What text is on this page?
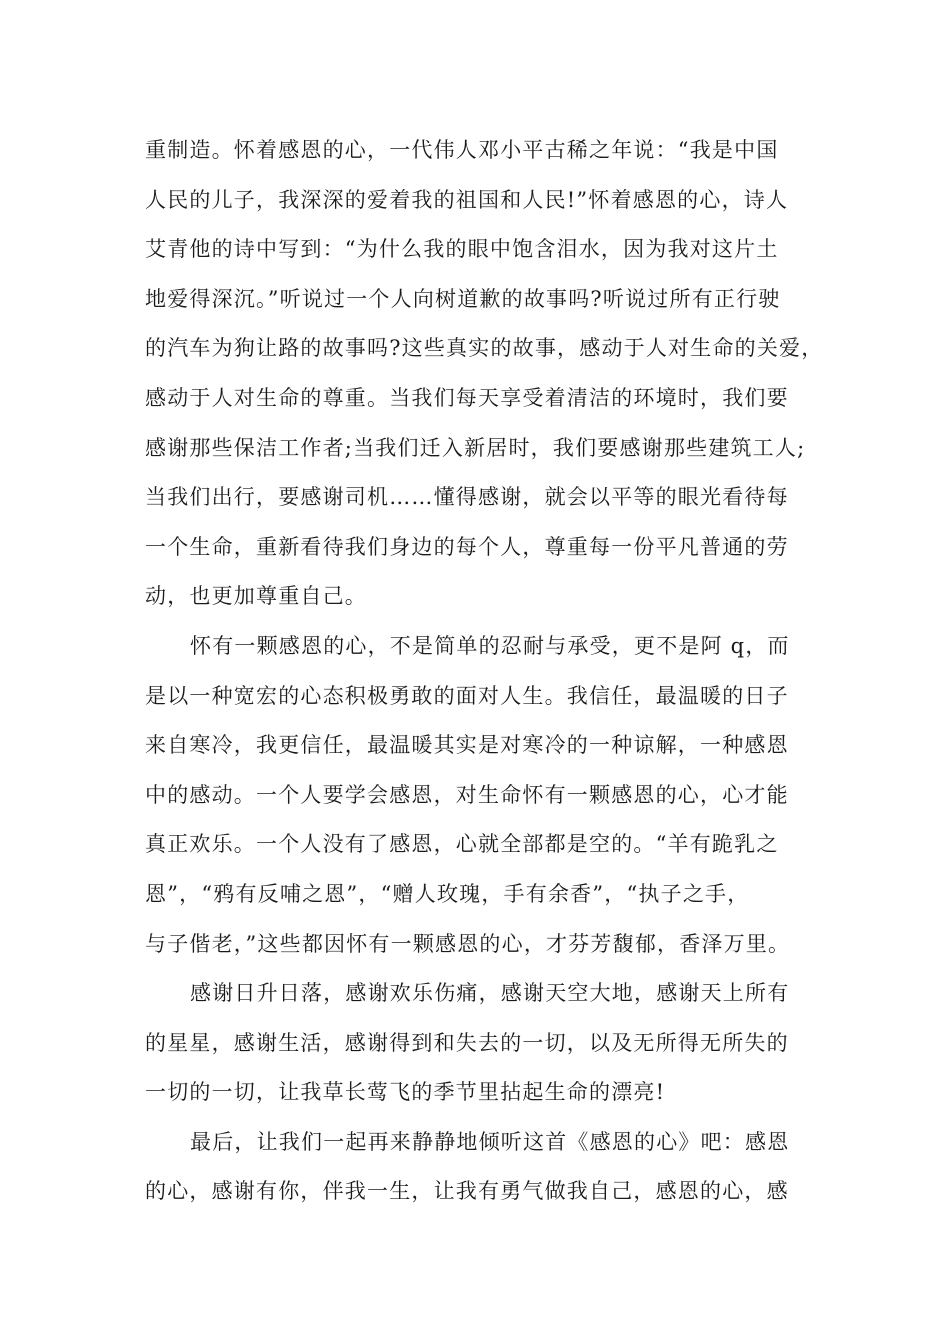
重制造。怀着感恩的心，一代伟人邓小平古稀之年说：“我是中国
人民的儿子，我深深的爱着我的祖国和人民!”怀着感恩的心，诗人
艾青他的诗中写到：“为什么我的眼中饱含泪水，因为我对这片土
地爱得深沉。”听说过一个人向树道歉的故事吗?听说过所有正行驶
的汽车为狗让路的故事吗?这些真实的故事，感动于人对生命的关爱，
感动于人对生命的尊重。当我们每天享受着清洁的环境时，我们要
感谢那些保洁工作者;当我们迁入新居时，我们要感谢那些建筑工人;
当我们出行，要感谢司机……懂得感谢，就会以平等的眼光看待每
一个生命，重新看待我们身边的每个人，尊重每一份平凡普通的劳
动，也更加尊重自己。
怀有一颗感恩的心，不是简单的忍耐与承受，更不是阿 q，而
是以一种宽宏的心态积极勇敢的面对人生。我信任，最温暖的日子
来自寒冷，我更信任，最温暖其实是对寒冷的一种谅解，一种感恩
中的感动。一个人要学会感恩，对生命怀有一颗感恩的心，心才能
真正欢乐。一个人没有了感恩，心就全部都是空的。“羊有跪乳之
恩”，“鸦有反哺之恩”，“赠人玫瑰，手有余香”，“执子之手，
与子偕老，”这些都因怀有一颗感恩的心，才芬芳馥郁，香泽万里。
感谢日升日落，感谢欢乐伤痛，感谢天空大地，感谢天上所有
的星星，感谢生活，感谢得到和失去的一切，以及无所得无所失的
一切的一切，让我草长莺飞的季节里拈起生命的漂亮!
最后，让我们一起再来静静地倾听这首《感恩的心》吧：感恩
的心，感谢有你，伴我一生，让我有勇气做我自己，感恩的心，感
